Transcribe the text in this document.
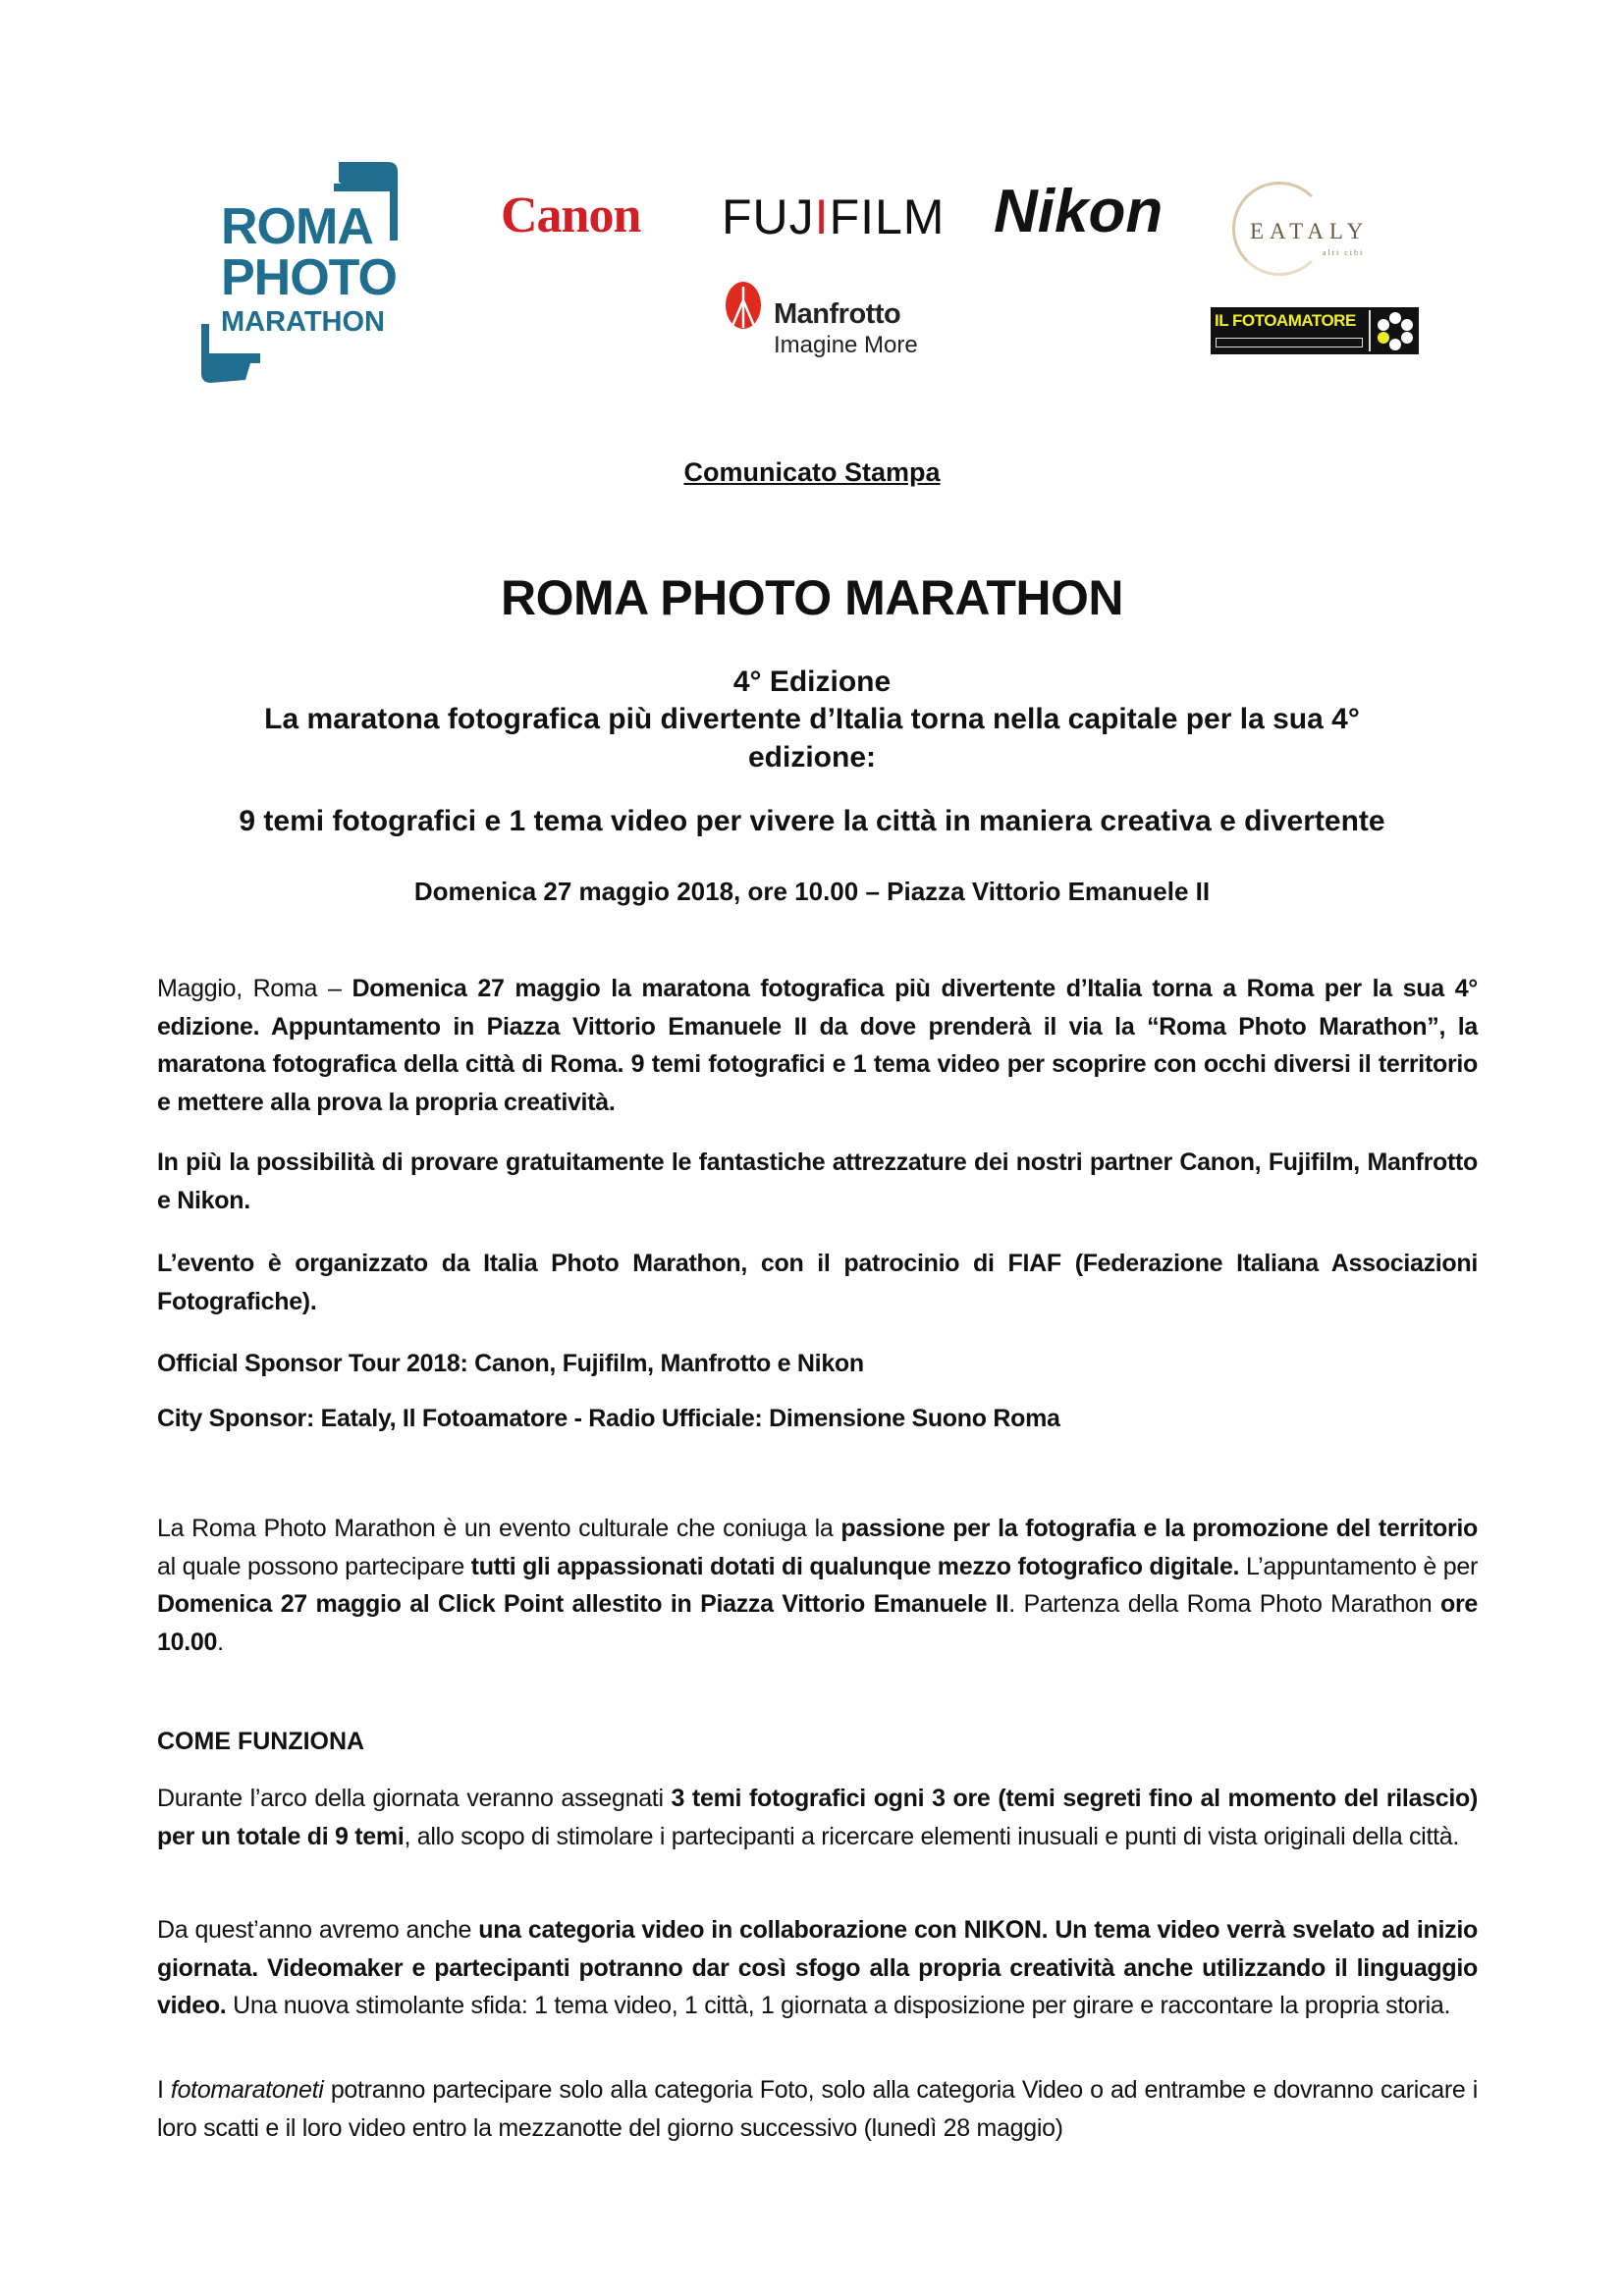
ROMA
PHOTO
MARATHON
Canon FUJIFILM Nikon
Manfrotto
Imagine More
EATALY
alti cibi
IL FOTOAMATORE
Comunicato Stampa
ROMA PHOTO MARATHON
4° Edizione
La maratona fotografica più divertente d’Italia torna nella capitale per la sua 4°
edizione:
9 temi fotografici e 1 tema video per vivere la città in maniera creativa e divertente
Domenica 27 maggio 2018, ore 10.00 – Piazza Vittorio Emanuele II
Maggio, Roma – Domenica 27 maggio la maratona fotografica più divertente d’Italia torna a Roma per la sua 4° edizione. Appuntamento in Piazza Vittorio Emanuele II da dove prenderà il via la “Roma Photo Marathon”, la maratona fotografica della città di Roma. 9 temi fotografici e 1 tema video per scoprire con occhi diversi il territorio e mettere alla prova la propria creatività.
In più la possibilità di provare gratuitamente le fantastiche attrezzature dei nostri partner Canon, Fujifilm, Manfrotto e Nikon.
L’evento è organizzato da Italia Photo Marathon, con il patrocinio di FIAF (Federazione Italiana Associazioni Fotografiche).
Official Sponsor Tour 2018: Canon, Fujifilm, Manfrotto e Nikon
City Sponsor: Eataly, Il Fotoamatore - Radio Ufficiale: Dimensione Suono Roma
La Roma Photo Marathon è un evento culturale che coniuga la passione per la fotografia e la promozione del territorio al quale possono partecipare tutti gli appassionati dotati di qualunque mezzo fotografico digitale. L’appuntamento è per Domenica 27 maggio al Click Point allestito in Piazza Vittorio Emanuele II. Partenza della Roma Photo Marathon ore 10.00.
COME FUNZIONA
Durante l’arco della giornata veranno assegnati 3 temi fotografici ogni 3 ore (temi segreti fino al momento del rilascio) per un totale di 9 temi, allo scopo di stimolare i partecipanti a ricercare elementi inusuali e punti di vista originali della città.
Da quest’anno avremo anche una categoria video in collaborazione con NIKON. Un tema video verrà svelato ad inizio giornata. Videomaker e partecipanti potranno dar così sfogo alla propria creatività anche utilizzando il linguaggio video. Una nuova stimolante sfida: 1 tema video, 1 città, 1 giornata a disposizione per girare e raccontare la propria storia.
I fotomaratoneti potranno partecipare solo alla categoria Foto, solo alla categoria Video o ad entrambe e dovranno caricare i loro scatti e il loro video entro la mezzanotte del giorno successivo (lunedì 28 maggio)
